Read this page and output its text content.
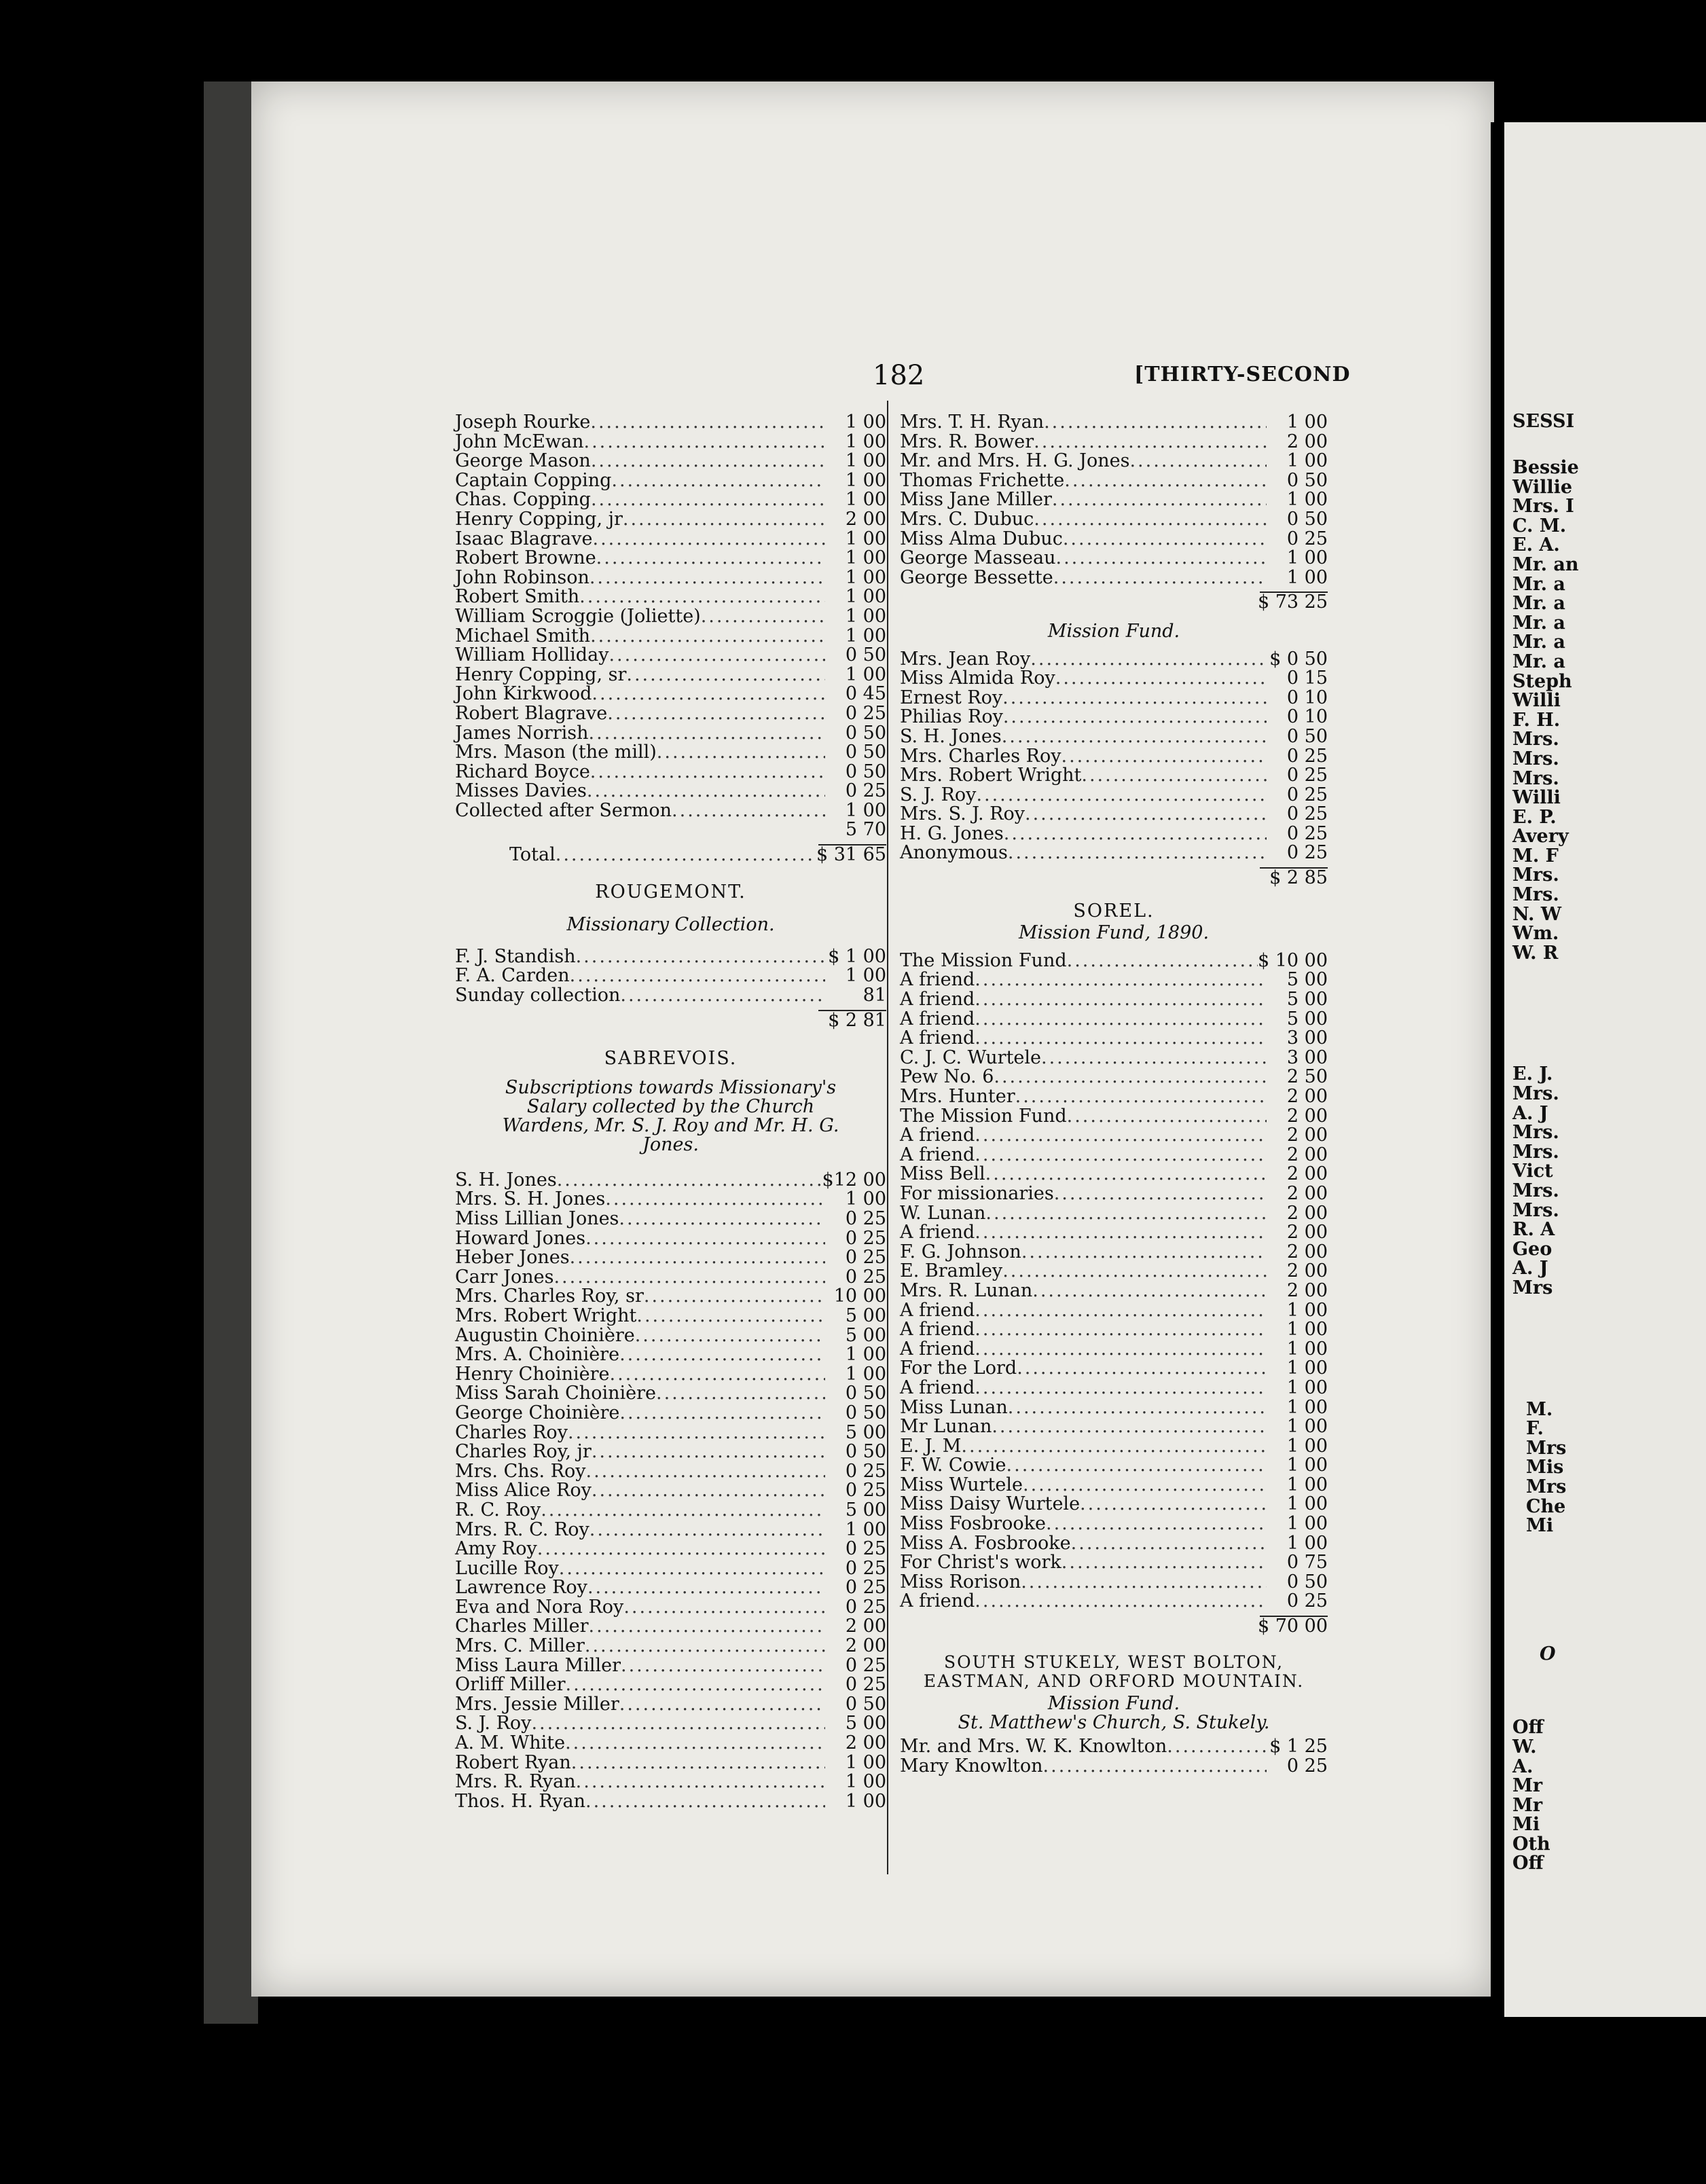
182	[THIRTY-SECOND
Joseph Rourke .....	1 00
John McEwan .....	1 00
George Mason .....	1 00
Captain Copping .....	1 00
Chas. Copping .....	1 00
Henry Copping, jr .....	2 00
Isaac Blagrave .....	1 00
Robert Browne .....	1 00
John Robinson .....	1 00
Robert Smith .....	1 00
William Scroggie (Joliette) .....	1 00
Michael Smith .....	1 00
William Holliday .....	0 50
Henry Copping, sr .....	1 00
John Kirkwood .....	0 45
Robert Blagrave .....	0 25
James Norrish .....	0 50
Mrs. Mason (the mill) .....	0 50
Richard Boyce .....	0 50
Misses Davies .....	0 25
Collected after Sermon .....	1 00
5 70
Total .....	$ 31 65
ROUGEMONT.
Missionary Collection.
F. J. Standish .....	$ 1 00
F. A. Carden .....	1 00
Sunday collection .....	81
$ 2 81
SABREVOIS.
Subscriptions towards Missionary's Salary collected by the Church Wardens, Mr. S. J. Roy and Mr. H. G. Jones.
S. H. Jones .....	$12 00
Mrs. S. H. Jones .....	1 00
Miss Lillian Jones .....	0 25
Howard Jones .....	0 25
Heber Jones .....	0 25
Carr Jones .....	0 25
Mrs. Charles Roy, sr .....	10 00
Mrs. Robert Wright .....	5 00
Augustin Choinière .....	5 00
Mrs. A. Choinière .....	1 00
Henry Choinière .....	1 00
Miss Sarah Choinière .....	0 50
George Choinière .....	0 50
Charles Roy .....	5 00
Charles Roy, jr .....	0 50
Mrs. Chs. Roy .....	0 25
Miss Alice Roy .....	0 25
R. C. Roy .....	5 00
Mrs. R. C. Roy .....	1 00
Amy Roy .....	0 25
Lucille Roy .....	0 25
Lawrence Roy .....	0 25
Eva and Nora Roy .....	0 25
Charles Miller .....	2 00
Mrs. C. Miller .....	2 00
Miss Laura Miller .....	0 25
Orliff Miller .....	0 25
Mrs. Jessie Miller .....	0 50
S. J. Roy .....	5 00
A. M. White .....	2 00
Robert Ryan .....	1 00
Mrs. R. Ryan .....	1 00
Thos. H. Ryan .....	1 00
Mrs. T. H. Ryan .....	1 00
Mrs. R. Bower .....	2 00
Mr. and Mrs. H. G. Jones .....	1 00
Thomas Frichette .....	0 50
Miss Jane Miller .....	1 00
Mrs. C. Dubuc .....	0 50
Miss Alma Dubuc .....	0 25
George Masseau .....	1 00
George Bessette .....	1 00
$ 73 25
Mission Fund.
Mrs. Jean Roy .....	$ 0 50
Miss Almida Roy .....	0 15
Ernest Roy .....	0 10
Philias Roy .....	0 10
S. H. Jones .....	0 50
Mrs. Charles Roy .....	0 25
Mrs. Robert Wright .....	0 25
S. J. Roy .....	0 25
Mrs. S. J. Roy .....	0 25
H. G. Jones .....	0 25
Anonymous .....	0 25
$ 2 85
SOREL.
Mission Fund, 1890.
The Mission Fund .....	$ 10 00
A friend .....	5 00
A friend .....	5 00
A friend .....	5 00
A friend .....	3 00
C. J. C. Wurtele .....	3 00
Pew No. 6 .....	2 50
Mrs. Hunter .....	2 00
The Mission Fund .....	2 00
A friend .....	2 00
A friend .....	2 00
Miss Bell .....	2 00
For missionaries .....	2 00
W. Lunan .....	2 00
A friend .....	2 00
F. G. Johnson .....	2 00
E. Bramley .....	2 00
Mrs. R. Lunan .....	2 00
A friend .....	1 00
A friend .....	1 00
A friend .....	1 00
For the Lord .....	1 00
A friend .....	1 00
Miss Lunan .....	1 00
Mr Lunan .....	1 00
E. J. M .....	1 00
F. W. Cowie .....	1 00
Miss Wurtele .....	1 00
Miss Daisy Wurtele .....	1 00
Miss Fosbrooke .....	1 00
Miss A. Fosbrooke .....	1 00
For Christ's work .....	0 75
Miss Rorison .....	0 50
A friend .....	0 25
$ 70 00
SOUTH STUKELY, WEST BOLTON, EASTMAN, AND ORFORD MOUNTAIN.
Mission Fund.
St. Matthew's Church, S. Stukely.
Mr. and Mrs. W. K. Knowlton .....	$ 1 25
Mary Knowlton .....	0 25
SESSI
Bessie
Willie
Mrs. I
C. M.
E. A.
Mr. an
Mr. a
Mr. a
Mr. a
Mr. a
Mr. a
Steph
Willi
F. H.
Mrs.
Mrs.
Mrs.
Willi
E. P.
Avery
M. F
Mrs.
Mrs.
N. W
Wm.
W. R
E. J.
Mrs.
A. J
Mrs.
Mrs.
Vict
Mrs.
Mrs.
R. A
Geo
A. J
Mrs
M.
F.
Mrs
Mis
Mrs
Che
Mi
O
Off
W.
A.
Mr
Mr
Mi
Oth
Off
